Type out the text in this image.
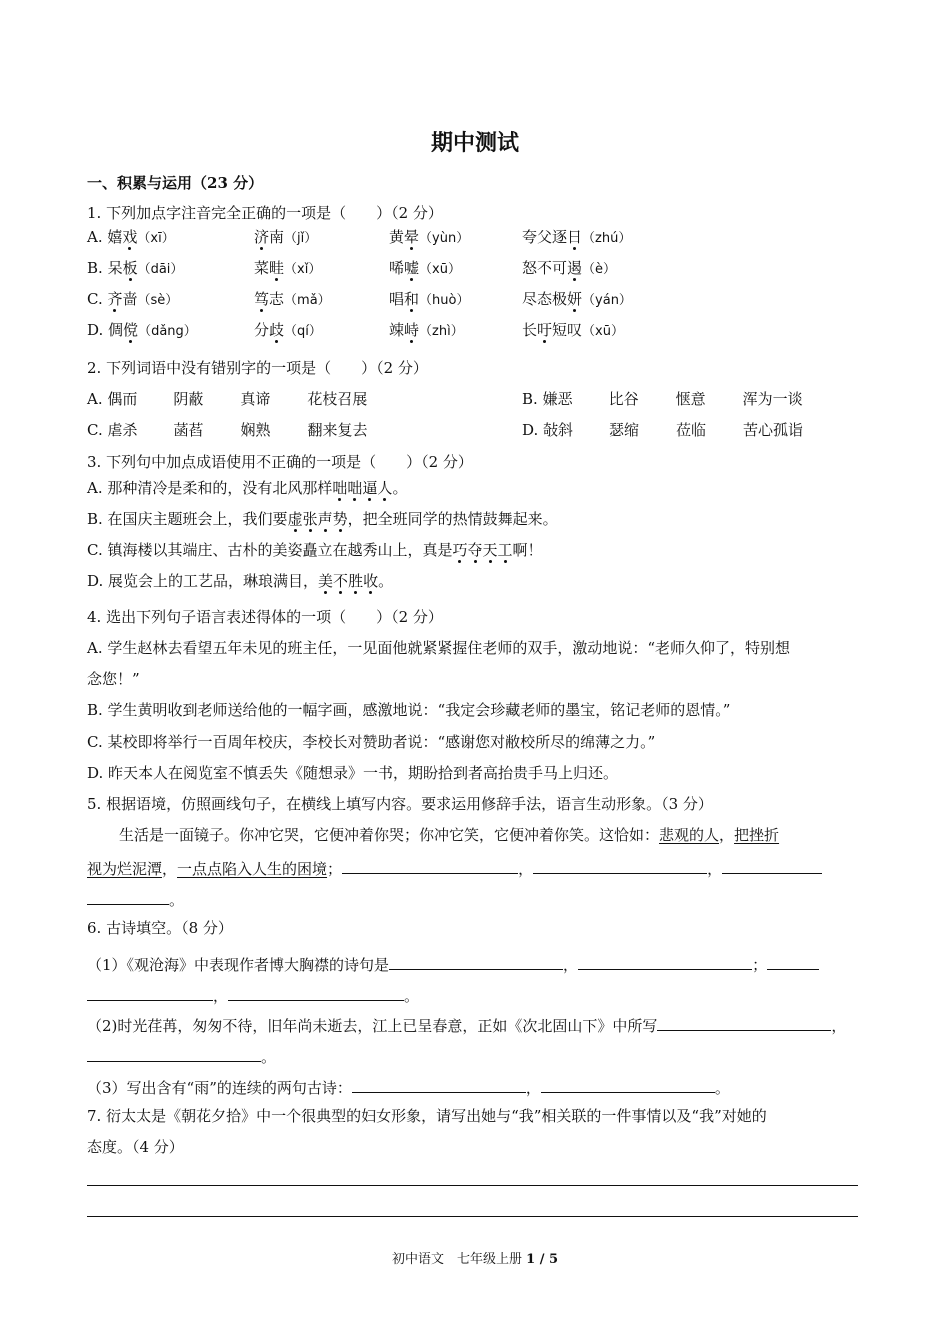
期中测试
一、积累与运用（23 分）
1. 下列加点字注音完全正确的一项是（　　）（2 分）
A. 嬉戏（xī）	济南（jǐ）	黄晕（yùn）	夸父逐日（zhú）
B. 呆板（dāi）	菜畦（xǐ）	唏嘘（xū）	怒不可遏（è）
C. 齐啬（sè）	笃志（mǎ）	唱和（huò）	尽态极妍（yán）
D. 倜傥（dǎng）	分歧（qí）	竦峙（zhì）	长吁短叹（xū）
2. 下列词语中没有错别字的一项是（　　）（2 分）
A. 偶而 阴蔽 真谛 花枝召展	B. 嫌恶 比谷 惬意 浑为一谈
C. 虐杀 菡萏 娴熟 翻来复去	D. 敧斜 瑟缩 莅临 苦心孤诣
3. 下列句中加点成语使用不正确的一项是（　　）（2 分）
A. 那种清冷是柔和的，没有北风那样咄咄逼人。
B. 在国庆主题班会上，我们要虚张声势，把全班同学的热情鼓舞起来。
C. 镇海楼以其端庄、古朴的美姿矗立在越秀山上，真是巧夺天工啊！
D. 展览会上的工艺品，琳琅满目，美不胜收。
4. 选出下列句子语言表述得体的一项（　　）（2 分）
A. 学生赵林去看望五年未见的班主任，一见面他就紧紧握住老师的双手，激动地说：“老师久仰了，特别想
念您！”
B. 学生黄明收到老师送给他的一幅字画，感激地说：“我定会珍藏老师的墨宝，铭记老师的恩情。”
C. 某校即将举行一百周年校庆，李校长对赞助者说：“感谢您对敝校所尽的绵薄之力。”
D. 昨天本人在阅览室不慎丢失《随想录》一书，期盼拾到者高抬贵手马上归还。
5. 根据语境，仿照画线句子，在横线上填写内容。要求运用修辞手法，语言生动形象。（3 分）
生活是一面镜子。你冲它哭，它便冲着你哭；你冲它笑，它便冲着你笑。这恰如：悲观的人，把挫折
视为烂泥潭，一点点陷入人生的困境；	，	，
。
6. 古诗填空。（8 分）
（1）《观沧海》中表现作者博大胸襟的诗句是	，	；
，	。
（2)时光荏苒，匆匆不待，旧年尚未逝去，江上已呈春意，正如《次北固山下》中所写	，
。
（3）写出含有“雨”的连续的两句古诗：	，	。
7. 衍太太是《朝花夕拾》中一个很典型的妇女形象，请写出她与“我”相关联的一件事情以及“我”对她的
态度。（4 分）
初中语文　七年级上册 1 / 5
